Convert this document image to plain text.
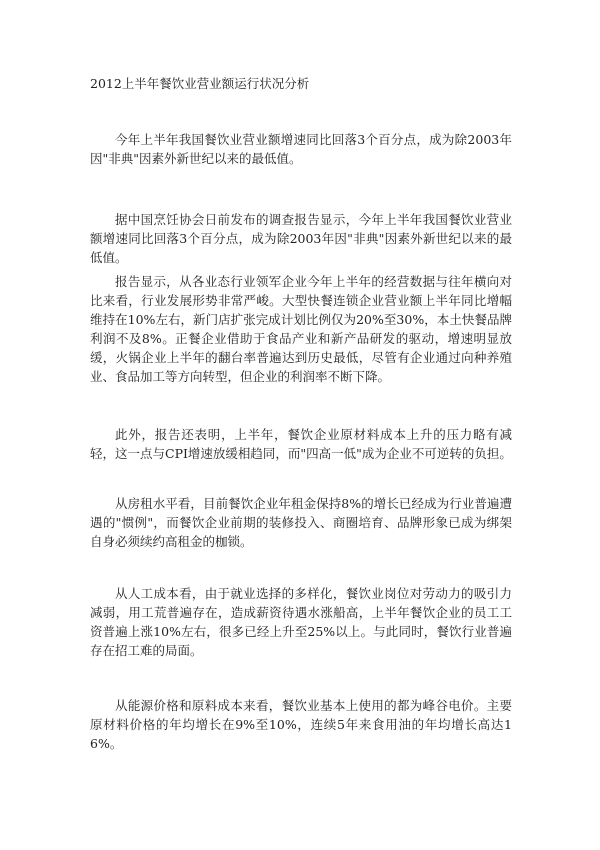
2012上半年餐饮业营业额运行状况分析

今年上半年我国餐饮业营业额增速同比回落3个百分点，成为除2003年因"非典"因素外新世纪以来的最低值。

据中国烹饪协会日前发布的调查报告显示，今年上半年我国餐饮业营业额增速同比回落3个百分点，成为除2003年因"非典"因素外新世纪以来的最低值。

报告显示，从各业态行业领军企业今年上半年的经营数据与往年横向对比来看，行业发展形势非常严峻。大型快餐连锁企业营业额上半年同比增幅维持在10%左右，新门店扩张完成计划比例仅为20%至30%，本土快餐品牌利润不及8%。正餐企业借助于食品产业和新产品研发的驱动，增速明显放缓，火锅企业上半年的翻台率普遍达到历史最低，尽管有企业通过向种养殖业、食品加工等方向转型，但企业的利润率不断下降。

此外，报告还表明，上半年，餐饮企业原材料成本上升的压力略有减轻，这一点与CPI增速放缓相趋同，而"四高一低"成为企业不可逆转的负担。

从房租水平看，目前餐饮企业年租金保持8%的增长已经成为行业普遍遭遇的"惯例"，而餐饮企业前期的装修投入、商圈培育、品牌形象已成为绑架自身必须续约高租金的枷锁。

从人工成本看，由于就业选择的多样化，餐饮业岗位对劳动力的吸引力减弱，用工荒普遍存在，造成薪资待遇水涨船高，上半年餐饮企业的员工工资普遍上涨10%左右，很多已经上升至25%以上。与此同时，餐饮行业普遍存在招工难的局面。

从能源价格和原料成本来看，餐饮业基本上使用的都为峰谷电价。主要原材料价格的年均增长在9%至10%，连续5年来食用油的年均增长高达16%。
